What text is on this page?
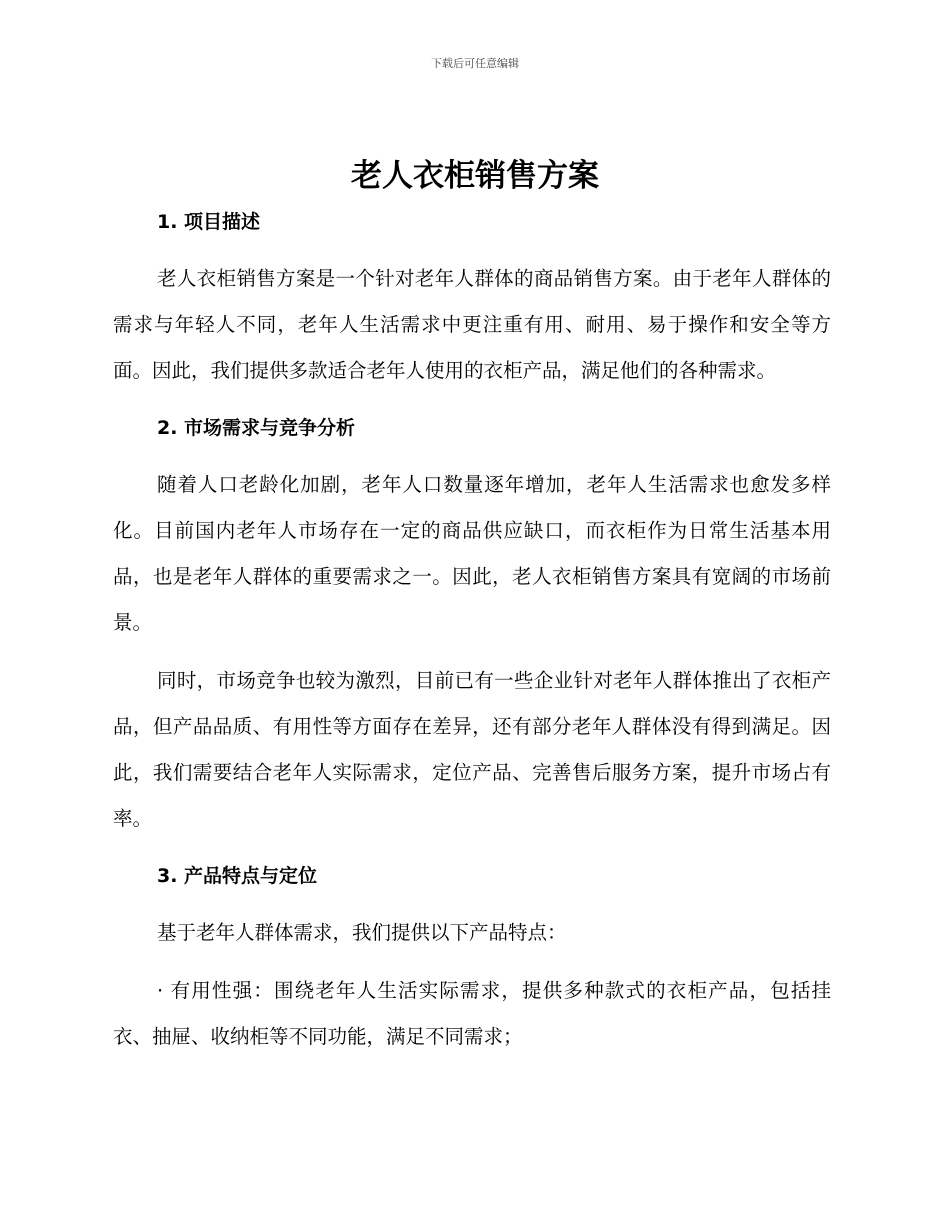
下载后可任意编辑
老人衣柜销售方案
1. 项目描述

老人衣柜销售方案是一个针对老年人群体的商品销售方案。由于老年人群体的需求与年轻人不同，老年人生活需求中更注重有用、耐用、易于操作和安全等方面。因此，我们提供多款适合老年人使用的衣柜产品，满足他们的各种需求。

2. 市场需求与竞争分析

随着人口老龄化加剧，老年人口数量逐年增加，老年人生活需求也愈发多样化。目前国内老年人市场存在一定的商品供应缺口，而衣柜作为日常生活基本用品，也是老年人群体的重要需求之一。因此，老人衣柜销售方案具有宽阔的市场前景。

同时，市场竞争也较为激烈，目前已有一些企业针对老年人群体推出了衣柜产品，但产品品质、有用性等方面存在差异，还有部分老年人群体没有得到满足。因此，我们需要结合老年人实际需求，定位产品、完善售后服务方案，提升市场占有率。

3. 产品特点与定位

基于老年人群体需求，我们提供以下产品特点：

· 有用性强：围绕老年人生活实际需求，提供多种款式的衣柜产品，包括挂衣、抽屉、收纳柜等不同功能，满足不同需求；
